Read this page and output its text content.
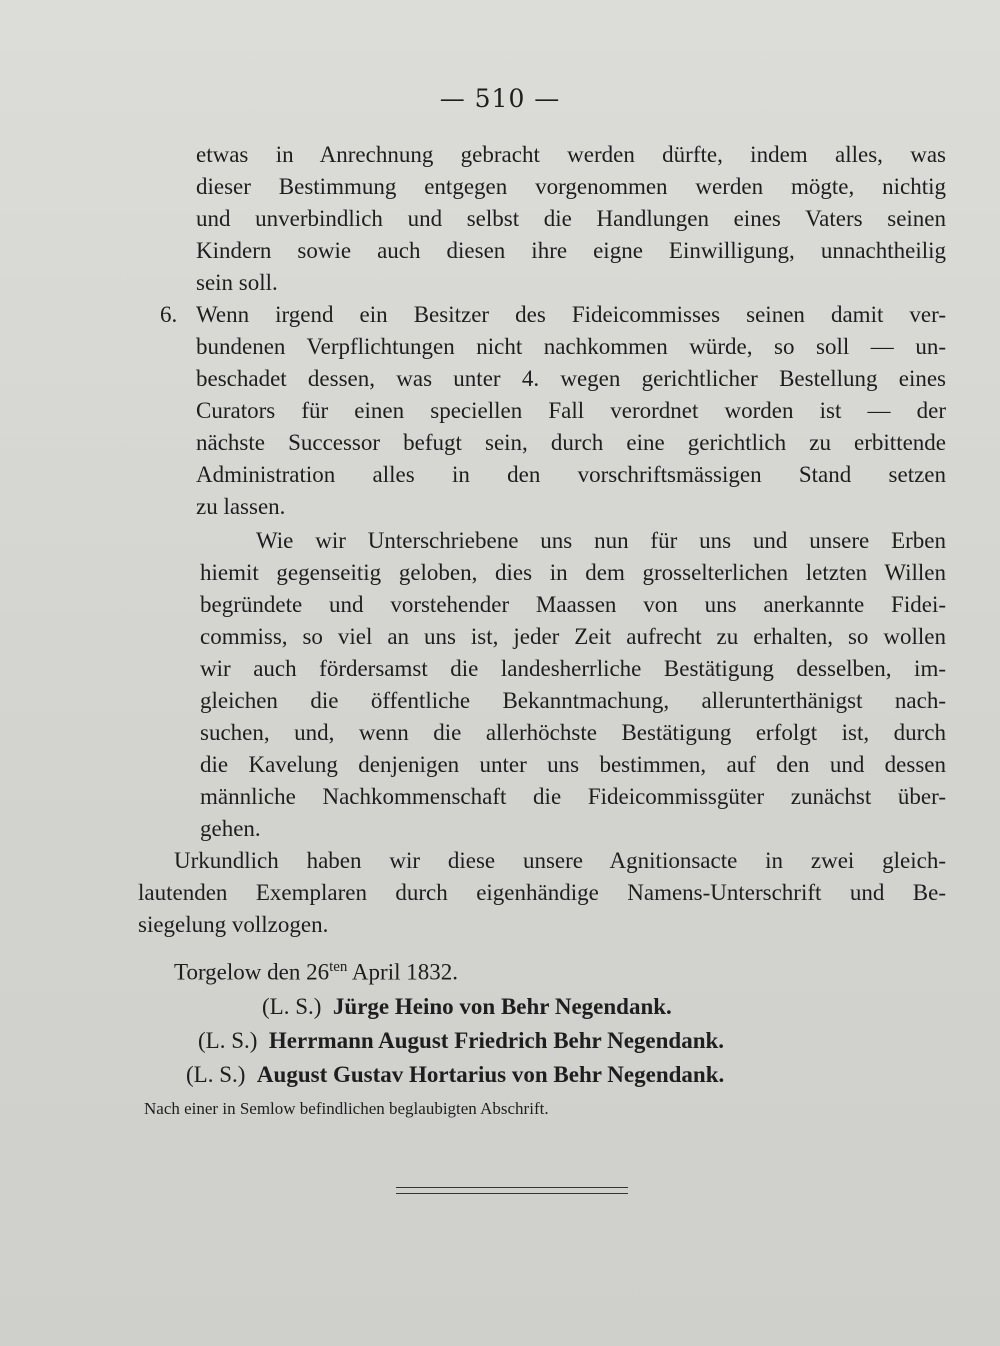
— 510 —
etwas in Anrechnung gebracht werden dürfte, indem alles, was
dieser Bestimmung entgegen vorgenommen werden mögte, nichtig
und unverbindlich und selbst die Handlungen eines Vaters seinen
Kindern sowie auch diesen ihre eigne Einwilligung, unnachtheilig
sein soll.
6. Wenn irgend ein Besitzer des Fideicommisses seinen damit ver-
bundenen Verpflichtungen nicht nachkommen würde, so soll — un-
beschadet dessen, was unter 4. wegen gerichtlicher Bestellung eines
Curators für einen speciellen Fall verordnet worden ist — der
nächste Successor befugt sein, durch eine gerichtlich zu erbittende
Administration alles in den vorschriftsmässigen Stand setzen
zu lassen.
Wie wir Unterschriebene uns nun für uns und unsere Erben
hiemit gegenseitig geloben, dies in dem grosselterlichen letzten Willen
begründete und vorstehender Maassen von uns anerkannte Fidei-
commiss, so viel an uns ist, jeder Zeit aufrecht zu erhalten, so wollen
wir auch fördersamst die landesherrliche Bestätigung desselben, im-
gleichen die öffentliche Bekanntmachung, allerunterthänigst nach-
suchen, und, wenn die allerhöchste Bestätigung erfolgt ist, durch
die Kavelung denjenigen unter uns bestimmen, auf den und dessen
männliche Nachkommenschaft die Fideicommissgüter zunächst über-
gehen.
Urkundlich haben wir diese unsere Agnitionsacte in zwei gleich-
lautenden Exemplaren durch eigenhändige Namens-Unterschrift und Be-
siegelung vollzogen.
Torgelow den $26^{ten}$ April 1832.
(L. S.) Jürge Heino von Behr Negendank.
(L. S.) Herrmann August Friedrich Behr Negendank.
(L. S.) August Gustav Hortarius von Behr Negendank.
Nach einer in Semlow befindlichen beglaubigten Abschrift.
